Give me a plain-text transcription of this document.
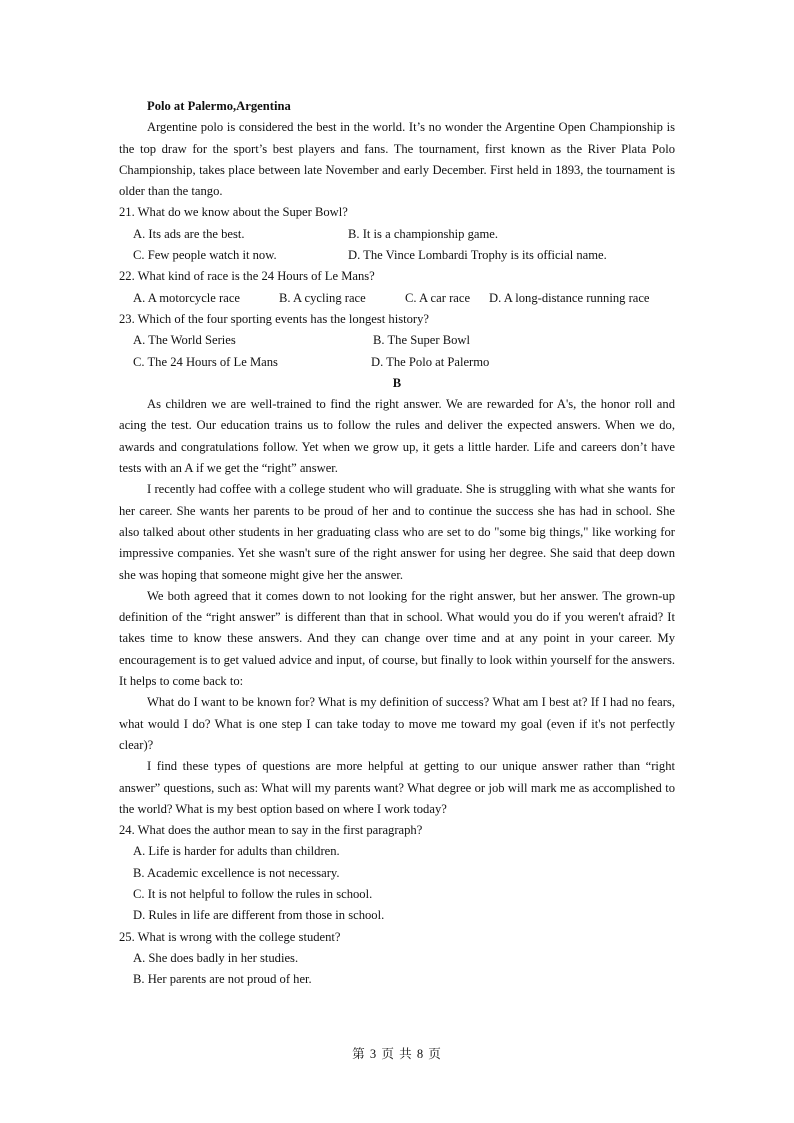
Polo at Palermo,Argentina

Argentine polo is considered the best in the world. It’s no wonder the Argentine Open Championship is the top draw for the sport’s best players and fans. The tournament, first known as the River Plata Polo Championship, takes place between late November and early December. First held in 1893, the tournament is older than the tango.

21. What do we know about the Super Bowl?
A. Its ads are the best.	B. It is a championship game.
C. Few people watch it now.	D. The Vince Lombardi Trophy is its official name.
22. What kind of race is the 24 Hours of Le Mans?
A. A motorcycle race	B. A cycling race	C. A car race D. A long-distance running race
23. Which of the four sporting events has the longest history?
A. The World Series	B. The Super Bowl
C. The 24 Hours of Le Mans	D. The Polo at Palermo
B

As children we are well-trained to find the right answer. We are rewarded for A's, the honor roll and acing the test. Our education trains us to follow the rules and deliver the expected answers. When we do, awards and congratulations follow. Yet when we grow up, it gets a little harder. Life and careers don’t have tests with an A if we get the “right” answer.

I recently had coffee with a college student who will graduate. She is struggling with what she wants for her career. She wants her parents to be proud of her and to continue the success she has had in school. She also talked about other students in her graduating class who are set to do "some big things," like working for impressive companies. Yet she wasn't sure of the right answer for using her degree. She said that deep down she was hoping that someone might give her the answer.

We both agreed that it comes down to not looking for the right answer, but her answer. The grown-up definition of the “right answer” is different than that in school. What would you do if you weren't afraid? It takes time to know these answers. And they can change over time and at any point in your career. My encouragement is to get valued advice and input, of course, but finally to look within yourself for the answers. It helps to come back to:

What do I want to be known for? What is my definition of success? What am I best at? If I had no fears, what would I do? What is one step I can take today to move me toward my goal (even if it's not perfectly clear)?

I find these types of questions are more helpful at getting to our unique answer rather than “right answer” questions, such as: What will my parents want? What degree or job will mark me as accomplished to the world? What is my best option based on where I work today?

24. What does the author mean to say in the first paragraph?
A. Life is harder for adults than children.
B. Academic excellence is not necessary.
C. It is not helpful to follow the rules in school.
D. Rules in life are different from those in school.
25. What is wrong with the college student?
A. She does badly in her studies.
B. Her parents are not proud of her.
第 3 页 共 8 页
